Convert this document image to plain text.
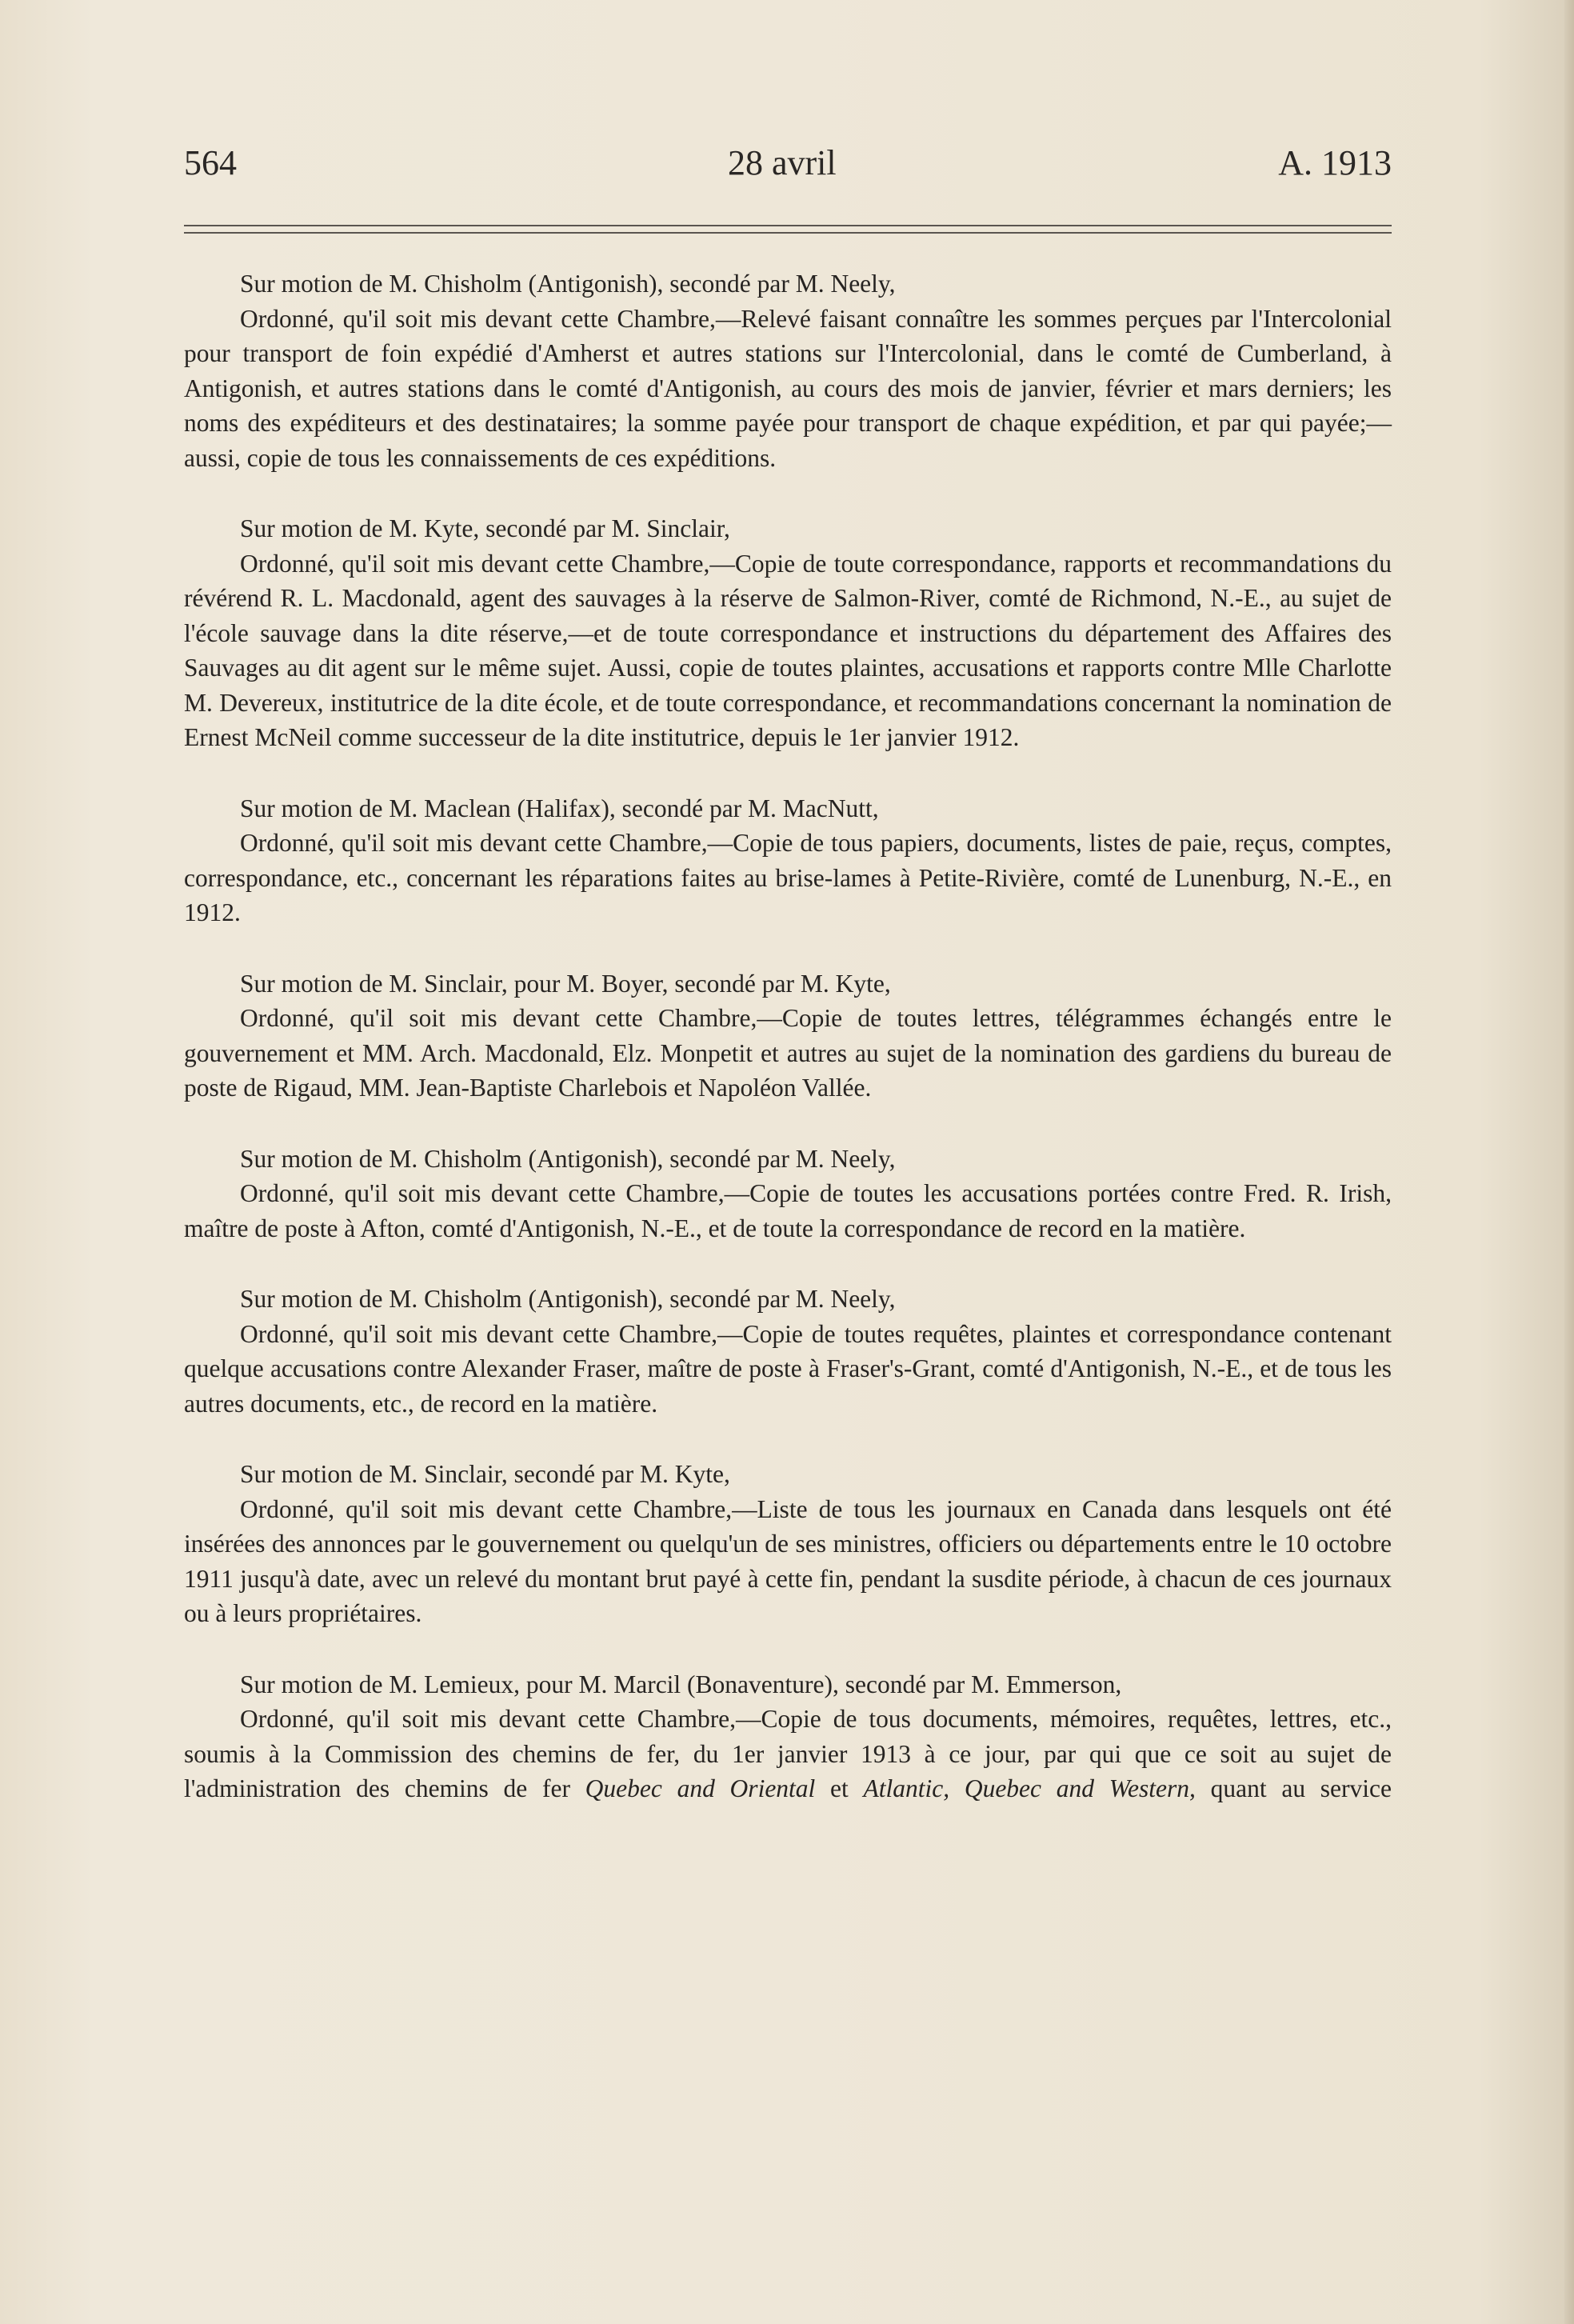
564	28 avril	A. 1913

Sur motion de M. Chisholm (Antigonish), secondé par M. Neely,

Ordonné, qu'il soit mis devant cette Chambre,—Relevé faisant connaître les sommes perçues par l'Intercolonial pour transport de foin expédié d'Amherst et autres stations sur l'Intercolonial, dans le comté de Cumberland, à Antigonish, et autres stations dans le comté d'Antigonish, au cours des mois de janvier, février et mars derniers; les noms des expéditeurs et des destinataires; la somme payée pour transport de chaque expédition, et par qui payée;—aussi, copie de tous les connaissements de ces expéditions.

Sur motion de M. Kyte, secondé par M. Sinclair,

Ordonné, qu'il soit mis devant cette Chambre,—Copie de toute correspondance, rapports et recommandations du révérend R. L. Macdonald, agent des sauvages à la réserve de Salmon-River, comté de Richmond, N.-E., au sujet de l'école sauvage dans la dite réserve,—et de toute correspondance et instructions du département des Affaires des Sauvages au dit agent sur le même sujet. Aussi, copie de toutes plaintes, accusations et rapports contre Mlle Charlotte M. Devereux, institutrice de la dite école, et de toute correspondance, et recommandations concernant la nomination de Ernest McNeil comme successeur de la dite institutrice, depuis le 1er janvier 1912.

Sur motion de M. Maclean (Halifax), secondé par M. MacNutt,

Ordonné, qu'il soit mis devant cette Chambre,—Copie de tous papiers, documents, listes de paie, reçus, comptes, correspondance, etc., concernant les réparations faites au brise-lames à Petite-Rivière, comté de Lunenburg, N.-E., en 1912.

Sur motion de M. Sinclair, pour M. Boyer, secondé par M. Kyte,

Ordonné, qu'il soit mis devant cette Chambre,—Copie de toutes lettres, télégrammes échangés entre le gouvernement et MM. Arch. Macdonald, Elz. Monpetit et autres au sujet de la nomination des gardiens du bureau de poste de Rigaud, MM. Jean-Baptiste Charlebois et Napoléon Vallée.

Sur motion de M. Chisholm (Antigonish), secondé par M. Neely,

Ordonné, qu'il soit mis devant cette Chambre,—Copie de toutes les accusations portées contre Fred. R. Irish, maître de poste à Afton, comté d'Antigonish, N.-E., et de toute la correspondance de record en la matière.

Sur motion de M. Chisholm (Antigonish), secondé par M. Neely,

Ordonné, qu'il soit mis devant cette Chambre,—Copie de toutes requêtes, plaintes et correspondance contenant quelque accusations contre Alexander Fraser, maître de poste à Fraser's-Grant, comté d'Antigonish, N.-E., et de tous les autres documents, etc., de record en la matière.

Sur motion de M. Sinclair, secondé par M. Kyte,

Ordonné, qu'il soit mis devant cette Chambre,—Liste de tous les journaux en Canada dans lesquels ont été insérées des annonces par le gouvernement ou quelqu'un de ses ministres, officiers ou départements entre le 10 octobre 1911 jusqu'à date, avec un relevé du montant brut payé à cette fin, pendant la susdite période, à chacun de ces journaux ou à leurs propriétaires.

Sur motion de M. Lemieux, pour M. Marcil (Bonaventure), secondé par M. Emmerson,

Ordonné, qu'il soit mis devant cette Chambre,—Copie de tous documents, mémoires, requêtes, lettres, etc., soumis à la Commission des chemins de fer, du 1er janvier 1913 à ce jour, par qui que ce soit au sujet de l'administration des chemins de fer Quebec and Oriental et Atlantic, Quebec and Western, quant au service
